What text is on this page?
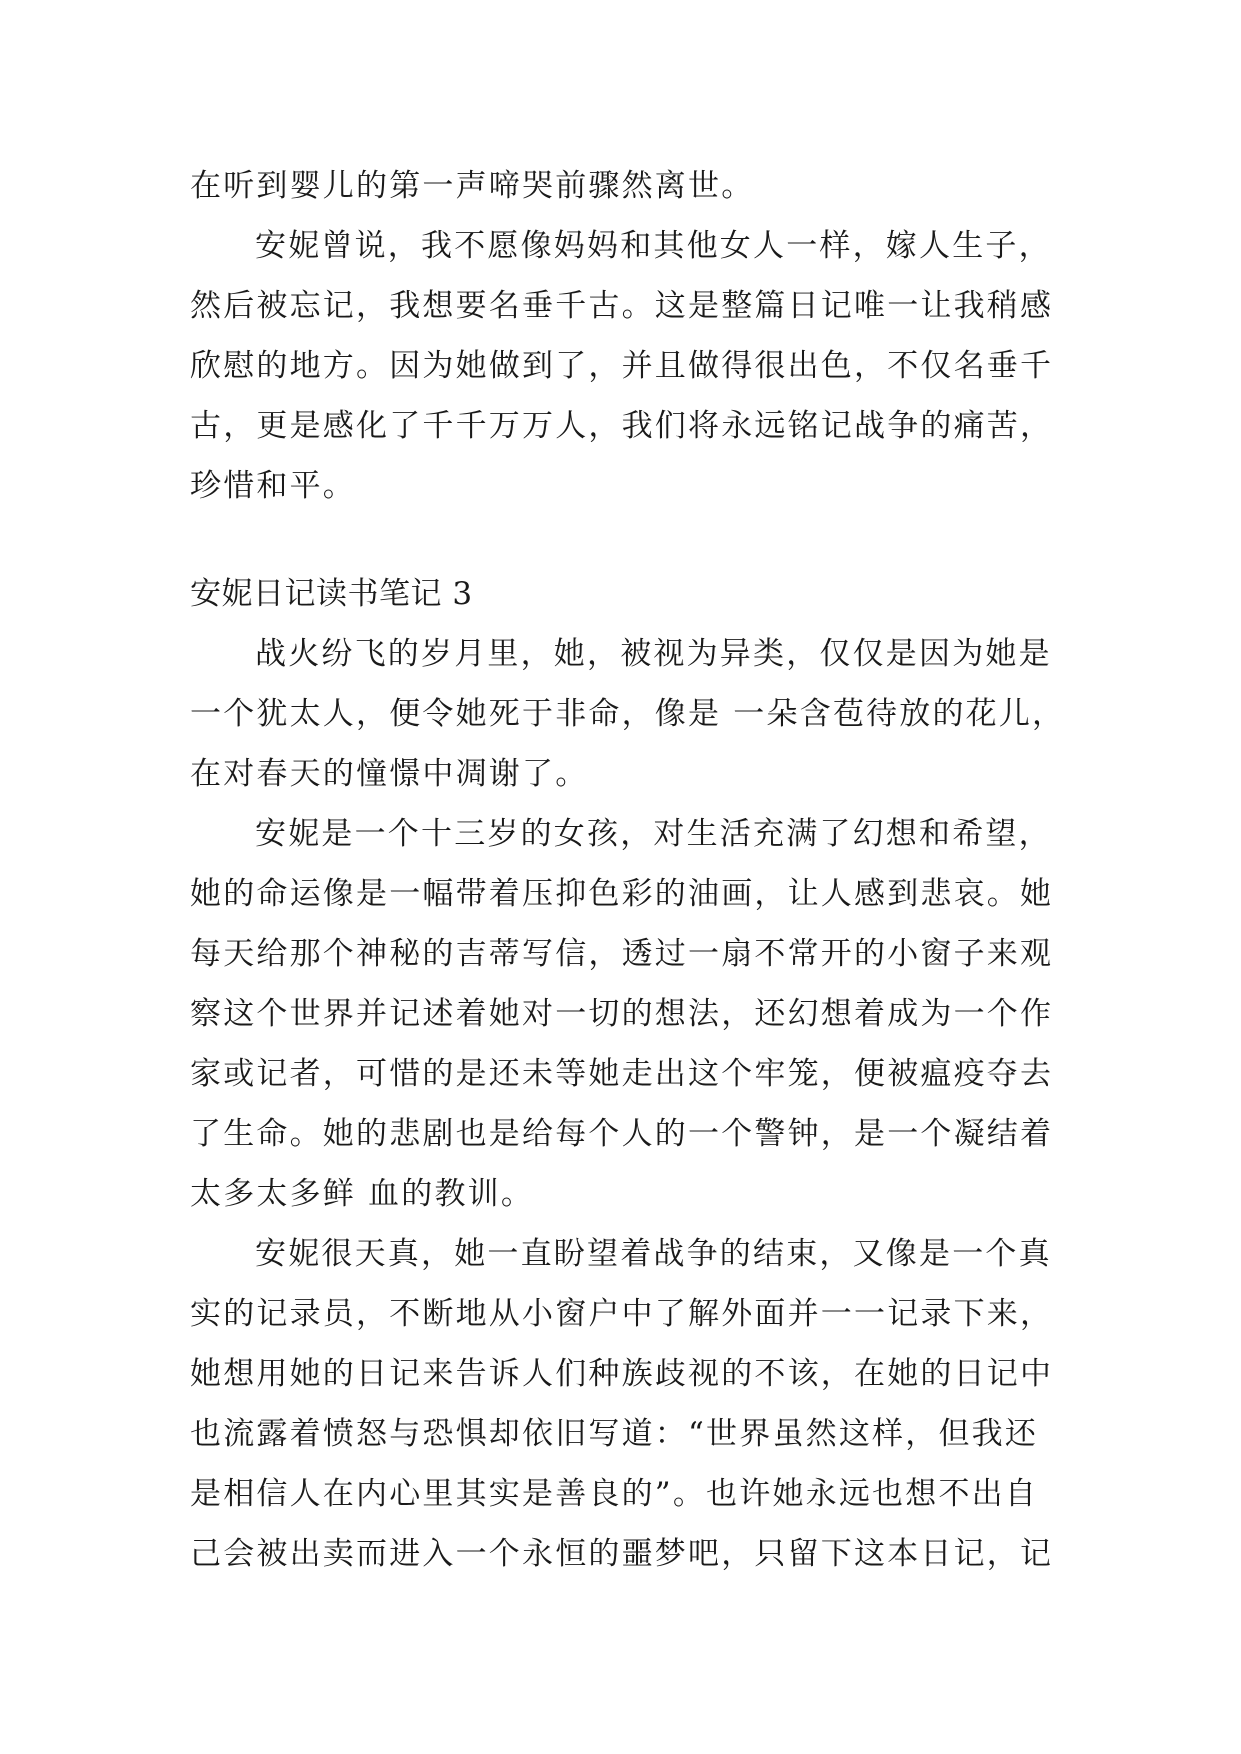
在听到婴儿的第一声啼哭前骤然离世。
安妮曾说，我不愿像妈妈和其他女人一样，嫁人生子，
然后被忘记，我想要名垂千古。这是整篇日记唯一让我稍感
欣慰的地方。因为她做到了，并且做得很出色，不仅名垂千
古，更是感化了千千万万人，我们将永远铭记战争的痛苦，
珍惜和平。
安妮日记读书笔记 3
战火纷飞的岁月里，她，被视为异类，仅仅是因为她是
一个犹太人，便令她死于非命，像是 一朵含苞待放的花儿，
在对春天的憧憬中凋谢了。
安妮是一个十三岁的女孩，对生活充满了幻想和希望，
她的命运像是一幅带着压抑色彩的油画，让人感到悲哀。她
每天给那个神秘的吉蒂写信，透过一扇不常开的小窗子来观
察这个世界并记述着她对一切的想法，还幻想着成为一个作
家或记者，可惜的是还未等她走出这个牢笼，便被瘟疫夺去
了生命。她的悲剧也是给每个人的一个警钟，是一个凝结着
太多太多鲜 血的教训。
安妮很天真，她一直盼望着战争的结束，又像是一个真
实的记录员，不断地从小窗户中了解外面并一一记录下来，
她想用她的日记来告诉人们种族歧视的不该，在她的日记中
也流露着愤怒与恐惧却依旧写道：“世界虽然这样，但我还
是相信人在内心里其实是善良的”。也许她永远也想不出自
己会被出卖而进入一个永恒的噩梦吧，只留下这本日记，记
